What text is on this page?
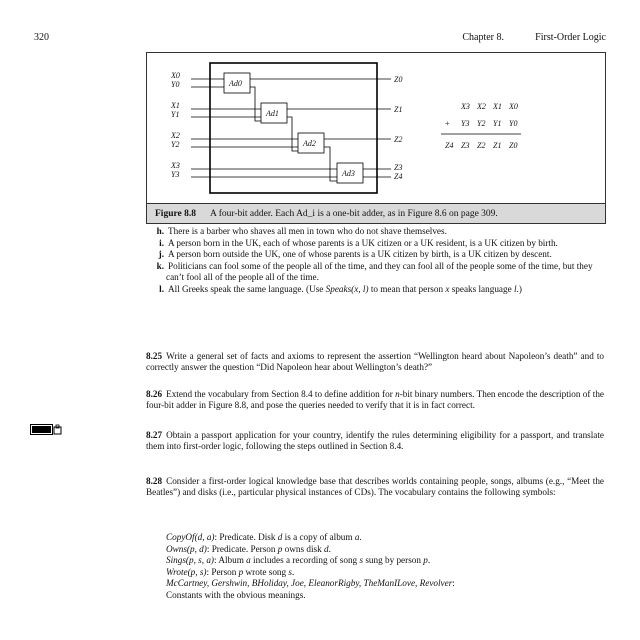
320	Chapter 8.	First-Order Logic
X0
Y0
X1
Y1
X2
Y2
X3
Y3
Ad0
Ad1
Ad2
Ad3
Z0
Z1
Z2
Z3
Z4
X3 X2 X1 X0
+ Y3 Y2 Y1 Y0
Z4 Z3 Z2 Z1 Z0
Figure 8.8 A four-bit adder. Each Ad_i is a one-bit adder, as in Figure 8.6 on page 309.
h. There is a barber who shaves all men in town who do not shave themselves.
i. A person born in the UK, each of whose parents is a UK citizen or a UK resident, is a UK citizen by birth.
j. A person born outside the UK, one of whose parents is a UK citizen by birth, is a UK citizen by descent.
k. Politicians can fool some of the people all of the time, and they can fool all of the people some of the time, but they can’t fool all of the people all of the time.
l. All Greeks speak the same language. (Use Speaks(x, l) to mean that person x speaks language l.)
8.25 Write a general set of facts and axioms to represent the assertion “Wellington heard about Napoleon’s death” and to correctly answer the question “Did Napoleon hear about Wellington’s death?”
8.26 Extend the vocabulary from Section 8.4 to define addition for n-bit binary numbers. Then encode the description of the four-bit adder in Figure 8.8, and pose the queries needed to verify that it is in fact correct.
8.27 Obtain a passport application for your country, identify the rules determining eligibility for a passport, and translate them into first-order logic, following the steps outlined in Section 8.4.
8.28 Consider a first-order logical knowledge base that describes worlds containing people, songs, albums (e.g., “Meet the Beatles”) and disks (i.e., particular physical instances of CDs). The vocabulary contains the following symbols:
CopyOf(d, a): Predicate. Disk d is a copy of album a.
Owns(p, d): Predicate. Person p owns disk d.
Sings(p, s, a): Album a includes a recording of song s sung by person p.
Wrote(p, s): Person p wrote song s.
McCartney, Gershwin, BHoliday, Joe, EleanorRigby, TheManILove, Revolver:
Constants with the obvious meanings.
